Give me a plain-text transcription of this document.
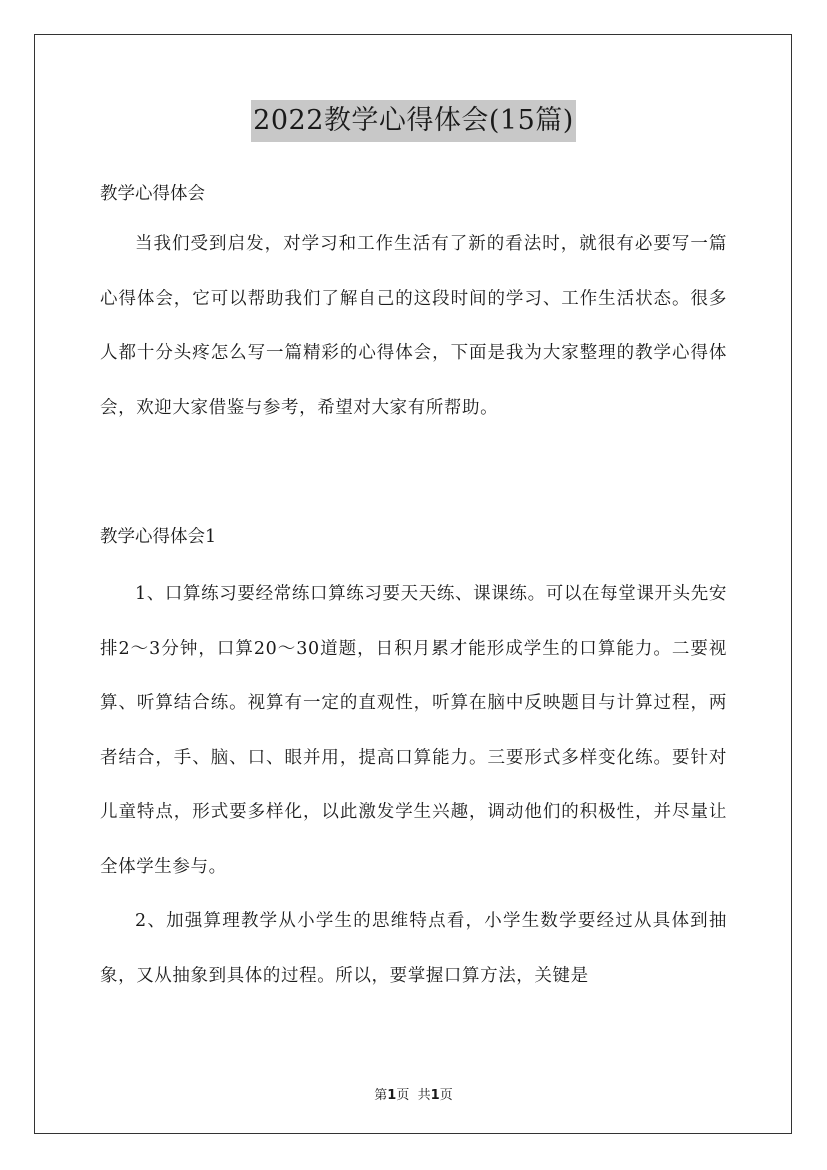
2022教学心得体会(15篇)

教学心得体会

当我们受到启发，对学习和工作生活有了新的看法时，就很有必要写一篇心得体会，它可以帮助我们了解自己的这段时间的学习、工作生活状态。很多人都十分头疼怎么写一篇精彩的心得体会，下面是我为大家整理的教学心得体会，欢迎大家借鉴与参考，希望对大家有所帮助。

教学心得体会1

1、口算练习要经常练口算练习要天天练、课课练。可以在每堂课开头先安排2～3分钟，口算20～30道题，日积月累才能形成学生的口算能力。二要视算、听算结合练。视算有一定的直观性，听算在脑中反映题目与计算过程，两者结合，手、脑、口、眼并用，提高口算能力。三要形式多样变化练。要针对儿童特点，形式要多样化，以此激发学生兴趣，调动他们的积极性，并尽量让全体学生参与。

2、加强算理教学从小学生的思维特点看，小学生数学要经过从具体到抽象，又从抽象到具体的过程。所以，要掌握口算方法，关键是

第1页 共1页
